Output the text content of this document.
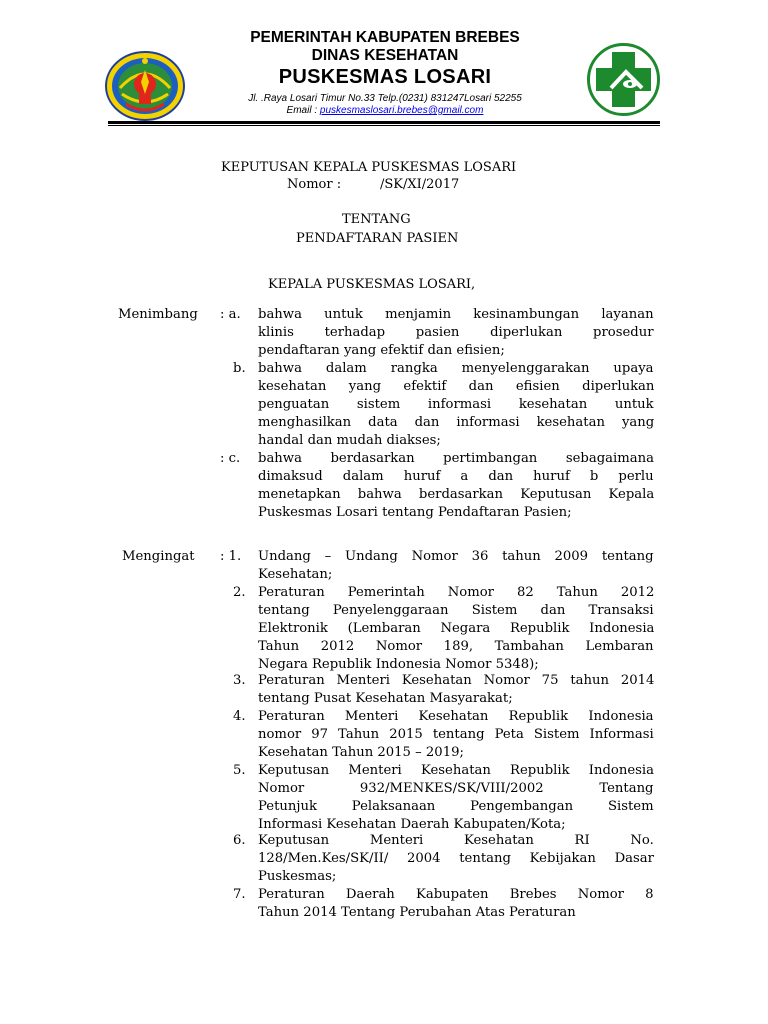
PEMERINTAH KABUPATEN BREBES
DINAS KESEHATAN
PUSKESMAS LOSARI
Jl. .Raya Losari Timur No.33 Telp.(0231) 831247Losari 52255
Email : puskesmaslosari.brebes@gmail.com
KEPUTUSAN KEPALA PUSKESMAS LOSARI
Nomor :	/SK/XI/2017
TENTANG
PENDAFTARAN PASIEN
KEPALA PUSKESMAS LOSARI,
Menimbang : a. bahwa untuk menjamin kesinambungan layanan
klinis terhadap pasien diperlukan prosedur
pendaftaran yang efektif dan efisien;
b. bahwa dalam rangka menyelenggarakan upaya
kesehatan yang efektif dan efisien diperlukan
penguatan sistem informasi kesehatan untuk
menghasilkan data dan informasi kesehatan yang
handal dan mudah diakses;
: c. bahwa berdasarkan pertimbangan sebagaimana
dimaksud dalam huruf a dan huruf b perlu
menetapkan bahwa berdasarkan Keputusan Kepala
Puskesmas Losari tentang Pendaftaran Pasien;
Mengingat : 1. Undang – Undang Nomor 36 tahun 2009 tentang
Kesehatan;
2. Peraturan Pemerintah Nomor 82 Tahun 2012
tentang Penyelenggaraan Sistem dan Transaksi
Elektronik (Lembaran Negara Republik Indonesia
Tahun 2012 Nomor 189, Tambahan Lembaran
Negara Republik Indonesia Nomor 5348);
3. Peraturan Menteri Kesehatan Nomor 75 tahun 2014
tentang Pusat Kesehatan Masyarakat;
4. Peraturan Menteri Kesehatan Republik Indonesia
nomor 97 Tahun 2015 tentang Peta Sistem Informasi
Kesehatan Tahun 2015 – 2019;
5. Keputusan Menteri Kesehatan Republik Indonesia
Nomor 932/MENKES/SK/VIII/2002 Tentang
Petunjuk Pelaksanaan Pengembangan Sistem
Informasi Kesehatan Daerah Kabupaten/Kota;
6. Keputusan Menteri Kesehatan RI No.
128/Men.Kes/SK/II/ 2004 tentang Kebijakan Dasar
Puskesmas;
7. Peraturan Daerah Kabupaten Brebes Nomor 8
Tahun 2014 Tentang Perubahan Atas Peraturan
